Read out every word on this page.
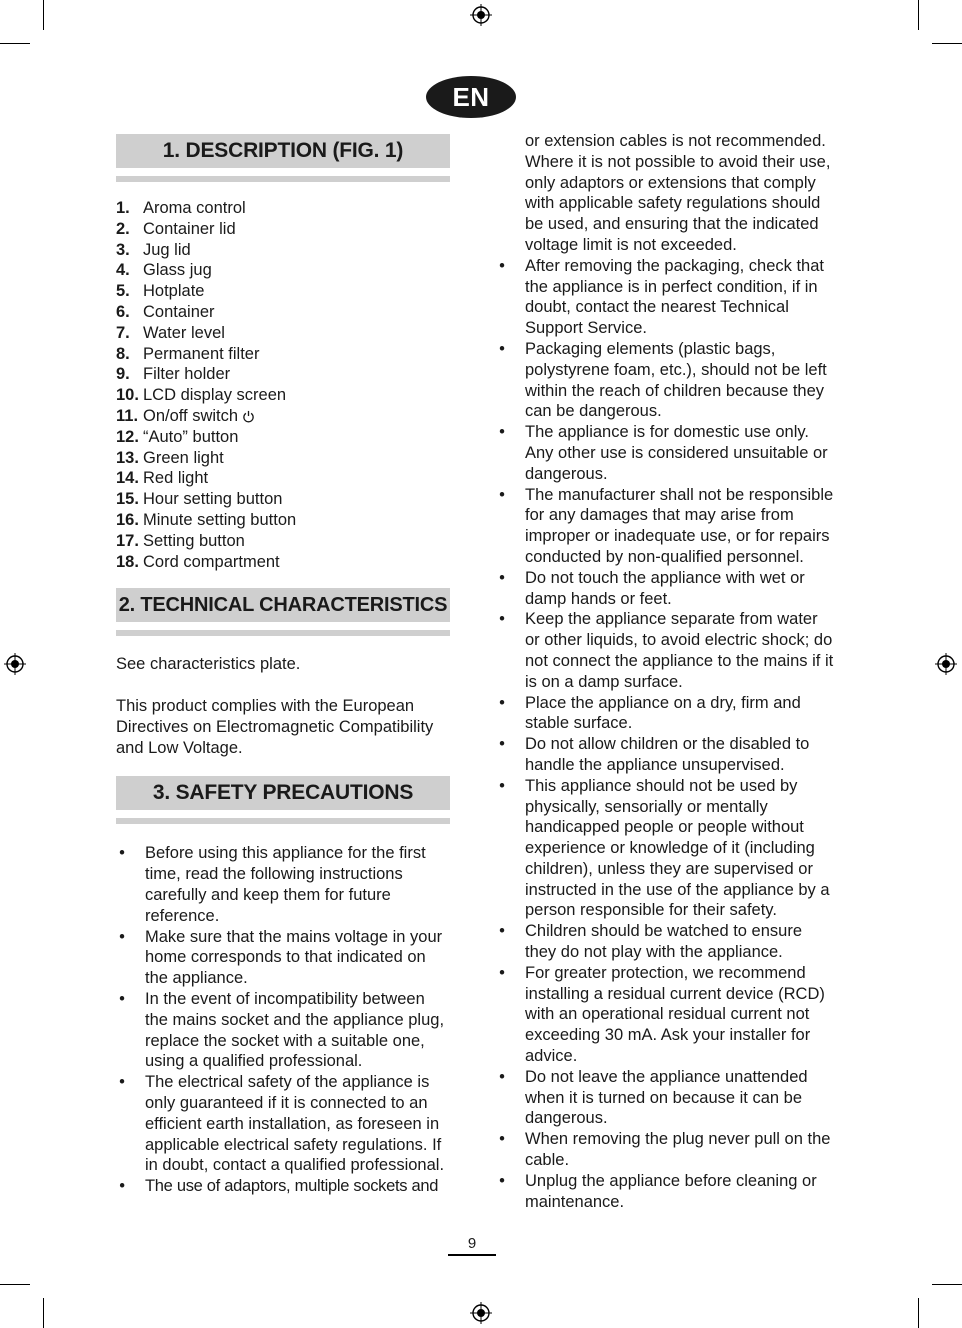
EN
1. DESCRIPTION (FIG. 1)
1. Aroma control
2. Container lid
3. Jug lid
4. Glass jug
5. Hotplate
6. Container
7. Water level
8. Permanent filter
9. Filter holder
10. LCD display screen
11. On/off switch
12. “Auto” button
13. Green light
14. Red light
15. Hour setting button
16. Minute setting button
17. Setting button
18. Cord compartment
2. TECHNICAL CHARACTERISTICS

See characteristics plate.

This product complies with the European Directives on Electromagnetic Compatibility and Low Voltage.

3. SAFETY PRECAUTIONS
• Before using this appliance for the first time, read the following instructions carefully and keep them for future reference.
• Make sure that the mains voltage in your home corresponds to that indicated on the appliance.
• In the event of incompatibility between the mains socket and the appliance plug, replace the socket with a suitable one, using a qualified professional.
• The electrical safety of the appliance is only guaranteed if it is connected to an efficient earth installation, as foreseen in applicable electrical safety regulations. If in doubt, contact a qualified professional.
• The use of adaptors, multiple sockets and

or extension cables is not recommended. Where it is not possible to avoid their use, only adaptors or extensions that comply with applicable safety regulations should be used, and ensuring that the indicated voltage limit is not exceeded.

• After removing the packaging, check that the appliance is in perfect condition, if in doubt, contact the nearest Technical Support Service.
• Packaging elements (plastic bags, polystyrene foam, etc.), should not be left within the reach of children because they can be dangerous.
• The appliance is for domestic use only. Any other use is considered unsuitable or dangerous.
• The manufacturer shall not be responsible for any damages that may arise from improper or inadequate use, or for repairs conducted by non-qualified personnel.
• Do not touch the appliance with wet or damp hands or feet.
• Keep the appliance separate from water or other liquids, to avoid electric shock; do not connect the appliance to the mains if it is on a damp surface.
• Place the appliance on a dry, firm and stable surface.
• Do not allow children or the disabled to handle the appliance unsupervised.
• This appliance should not be used by physically, sensorially or mentally handicapped people or people without experience or knowledge of it (including children), unless they are supervised or instructed in the use of the appliance by a person responsible for their safety.
• Children should be watched to ensure they do not play with the appliance.
• For greater protection, we recommend installing a residual current device (RCD) with an operational residual current not exceeding 30 mA. Ask your installer for advice.
• Do not leave the appliance unattended when it is turned on because it can be dangerous.
• When removing the plug never pull on the cable.
• Unplug the appliance before cleaning or maintenance.
9
